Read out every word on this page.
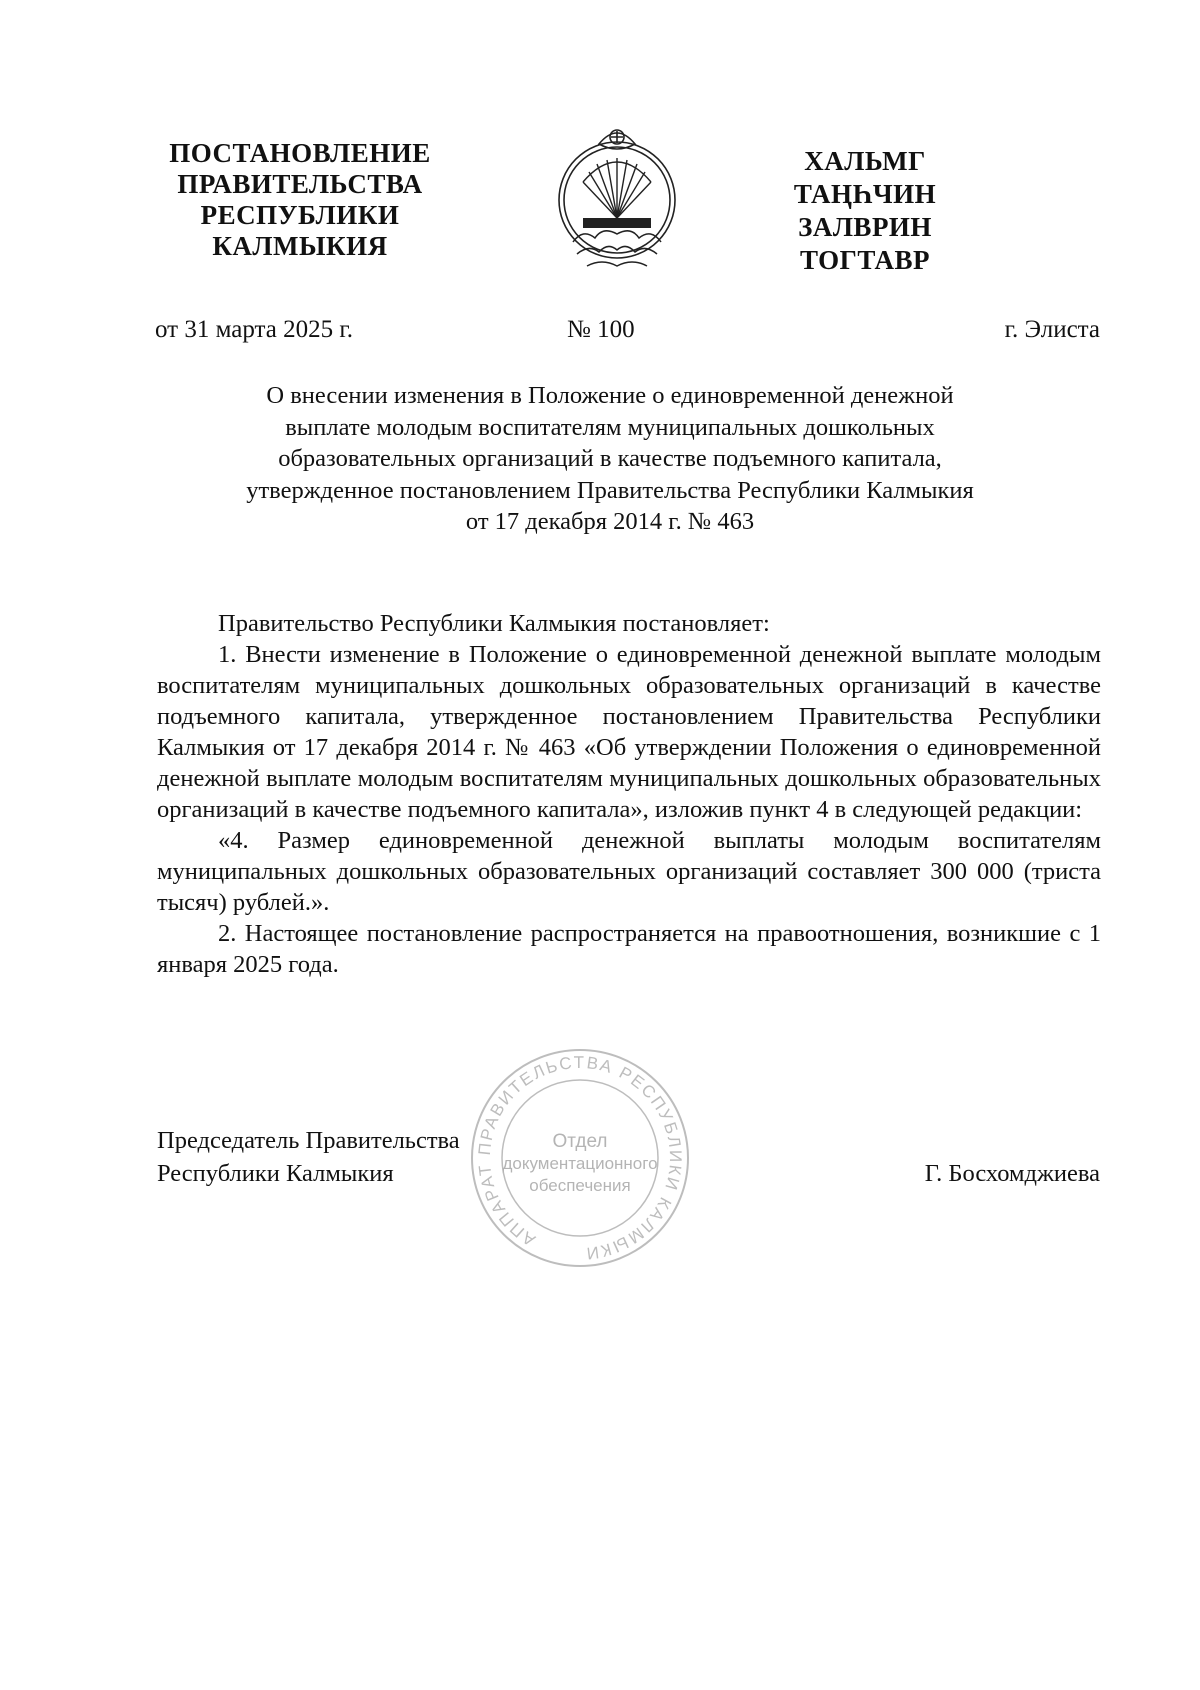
ПОСТАНОВЛЕНИЕ
ПРАВИТЕЛЬСТВА
РЕСПУБЛИКИ
КАЛМЫКИЯ
ХАЛЬМГ
ТАҢҺЧИН
ЗАЛВРИН
ТОГТАВР
от 31 марта 2025 г.	№ 100	г. Элиста
О внесении изменения в Положение о единовременной денежной
выплате молодым воспитателям муниципальных дошкольных
образовательных организаций в качестве подъемного капитала,
утвержденное постановлением Правительства Республики Калмыкия
от 17 декабря 2014 г. № 463

Правительство Республики Калмыкия постановляет:

1. Внести изменение в Положение о единовременной денежной выплате молодым воспитателям муниципальных дошкольных образовательных организаций в качестве подъемного капитала, утвержденное постановлением Правительства Республики Калмыкия от 17 декабря 2014 г. № 463 «Об утверждении Положения о единовременной денежной выплате молодым воспитателям муниципальных дошкольных образовательных организаций в качестве подъемного капитала», изложив пункт 4 в следующей редакции:

«4. Размер единовременной денежной выплаты молодым воспитателям муниципальных дошкольных образовательных организаций составляет 300 000 (триста тысяч) рублей.».

2. Настоящее постановление распространяется на правоотношения, возникшие с 1 января 2025 года.

АППАРАТ ПРАВИТЕЛЬСТВА РЕСПУБЛИКИ КАЛМЫКИ
Отдел
документационного
обеспечения
Председатель Правительства
Республики Калмыкия	Г. Босхомджиева
